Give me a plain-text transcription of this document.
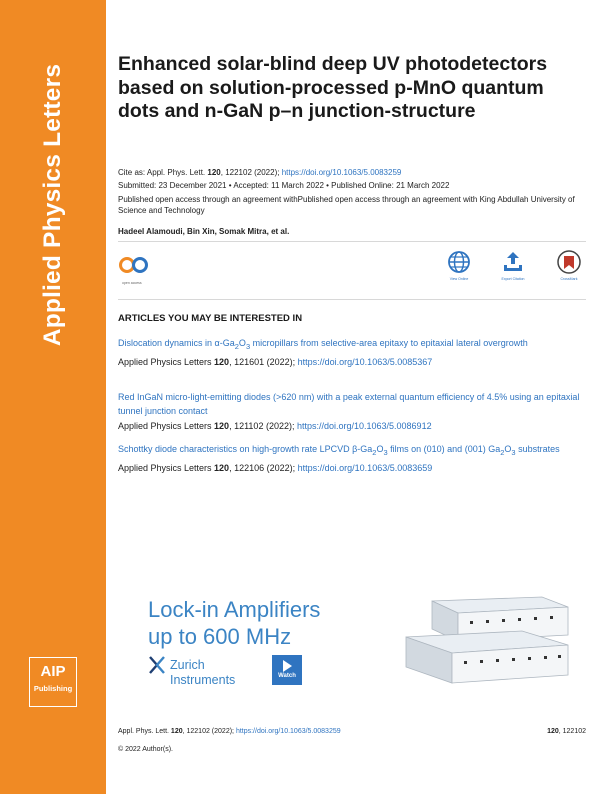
Applied Physics Letters
AIP
Publishing
Enhanced solar-blind deep UV photodetectors based on solution-processed p-MnO quantum dots and n-GaN p–n junction-structure
Cite as: Appl. Phys. Lett. 120, 122102 (2022); https://doi.org/10.1063/5.0083259
Submitted: 23 December 2021 • Accepted: 11 March 2022 • Published Online: 21 March 2022
Published open access through an agreement withPublished open access through an agreement with King Abdullah University of Science and Technology
Hadeel Alamoudi, Bin Xin, Somak Mitra, et al.
open access
View Online	Export Citation	CrossMark
ARTICLES YOU MAY BE INTERESTED IN
Dislocation dynamics in $\alpha-Ga_2O_3$ micropillars from selective-area epitaxy to epitaxial lateral overgrowth
Applied Physics Letters 120, 121601 (2022); https://doi.org/10.1063/5.0085367
Red InGaN micro-light-emitting diodes (>620 nm) with a peak external quantum efficiency of 4.5% using an epitaxial tunnel junction contact
Applied Physics Letters 120, 121102 (2022); https://doi.org/10.1063/5.0086912
Schottky diode characteristics on high-growth rate LPCVD $\beta-Ga_2O_3$ films on (010) and (001) $Ga_2O_3$ substrates
Applied Physics Letters 120, 122106 (2022); https://doi.org/10.1063/5.0083659
Lock-in Amplifiers
up to 600 MHz
Zurich
Instruments	Watch
Appl. Phys. Lett. 120, 122102 (2022); https://doi.org/10.1063/5.0083259	120, 122102
© 2022 Author(s).
